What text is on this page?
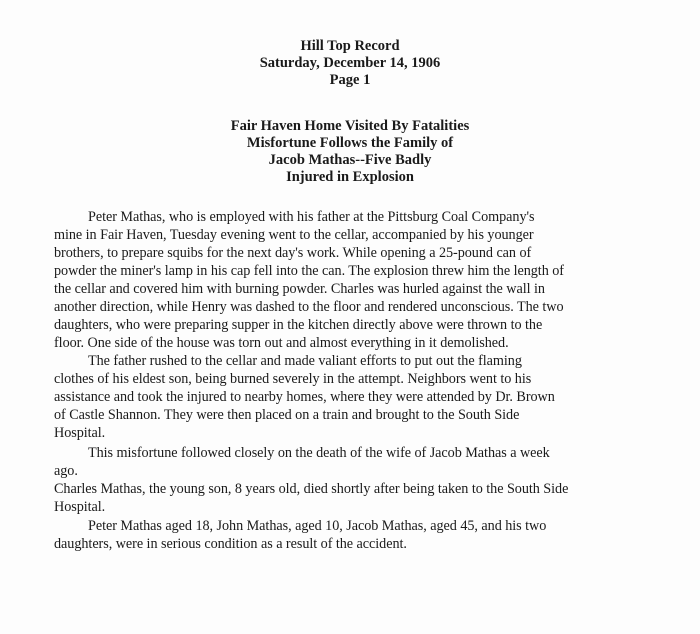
Hill Top Record
Saturday, December 14, 1906
Page 1
Fair Haven Home Visited By Fatalities
Misfortune Follows the Family of
Jacob Mathas--Five Badly
Injured in Explosion
Peter Mathas, who is employed with his father at the Pittsburg Coal Company's
mine in Fair Haven, Tuesday evening went to the cellar, accompanied by his younger
brothers, to prepare squibs for the next day's work. While opening a 25-pound can of
powder the miner's lamp in his cap fell into the can. The explosion threw him the length of
the cellar and covered him with burning powder. Charles was hurled against the wall in
another direction, while Henry was dashed to the floor and rendered unconscious. The two
daughters, who were preparing supper in the kitchen directly above were thrown to the
floor. One side of the house was torn out and almost everything in it demolished.
The father rushed to the cellar and made valiant efforts to put out the flaming
clothes of his eldest son, being burned severely in the attempt. Neighbors went to his
assistance and took the injured to nearby homes, where they were attended by Dr. Brown
of Castle Shannon. They were then placed on a train and brought to the South Side
Hospital.
This misfortune followed closely on the death of the wife of Jacob Mathas a week
ago.
Charles Mathas, the young son, 8 years old, died shortly after being taken to the South Side
Hospital.
Peter Mathas aged 18, John Mathas, aged 10, Jacob Mathas, aged 45, and his two
daughters, were in serious condition as a result of the accident.
